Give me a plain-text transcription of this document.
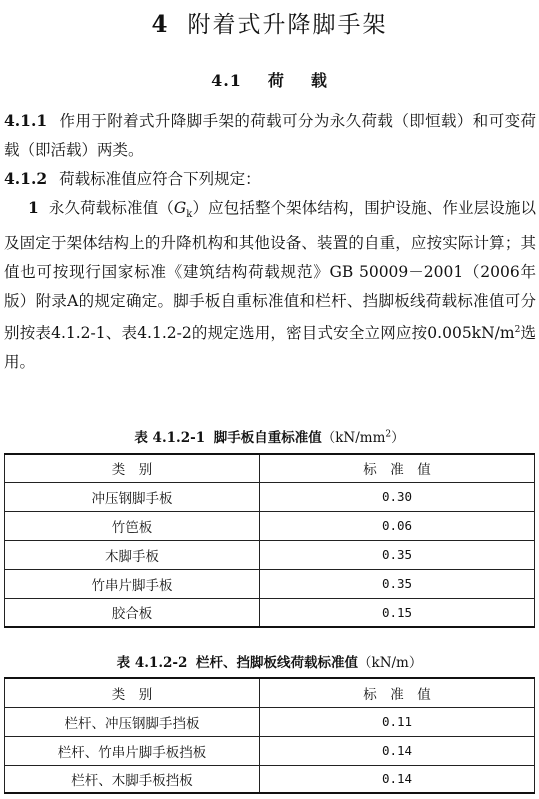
4 附着式升降脚手架
4.1 荷 载
4.1.1 作用于附着式升降脚手架的荷载可分为永久荷载（即恒载）和可变荷载（即活载）两类。
4.1.2 荷载标准值应符合下列规定：
1 永久荷载标准值$(G_k)$应包括整个架体结构，围护设施、作业层设施以及固定于架体结构上的升降机构和其他设备、装置的自重，应按实际计算；其值也可按现行国家标准《建筑结构荷载规范》GB 50009－2001（2006年版）附录A的规定确定。脚手板自重标准值和栏杆、挡脚板线荷载标准值可分别按表4.1.2-1、表4.1.2-2的规定选用，密目式安全立网应按$0.005kN/m^2$选用。
表 4.1.2-1 脚手板自重标准值$(kN/mm^2)$
类　别	标　准　值
冲压钢脚手板	0.30
竹笆板	0.06
木脚手板	0.35
竹串片脚手板	0.35
胶合板	0.15
表 4.1.2-2 栏杆、挡脚板线荷载标准值（kN/m）
类　别	标　准　值
栏杆、冲压钢脚手挡板	0.11
栏杆、竹串片脚手板挡板	0.14
栏杆、木脚手板挡板	0.14
